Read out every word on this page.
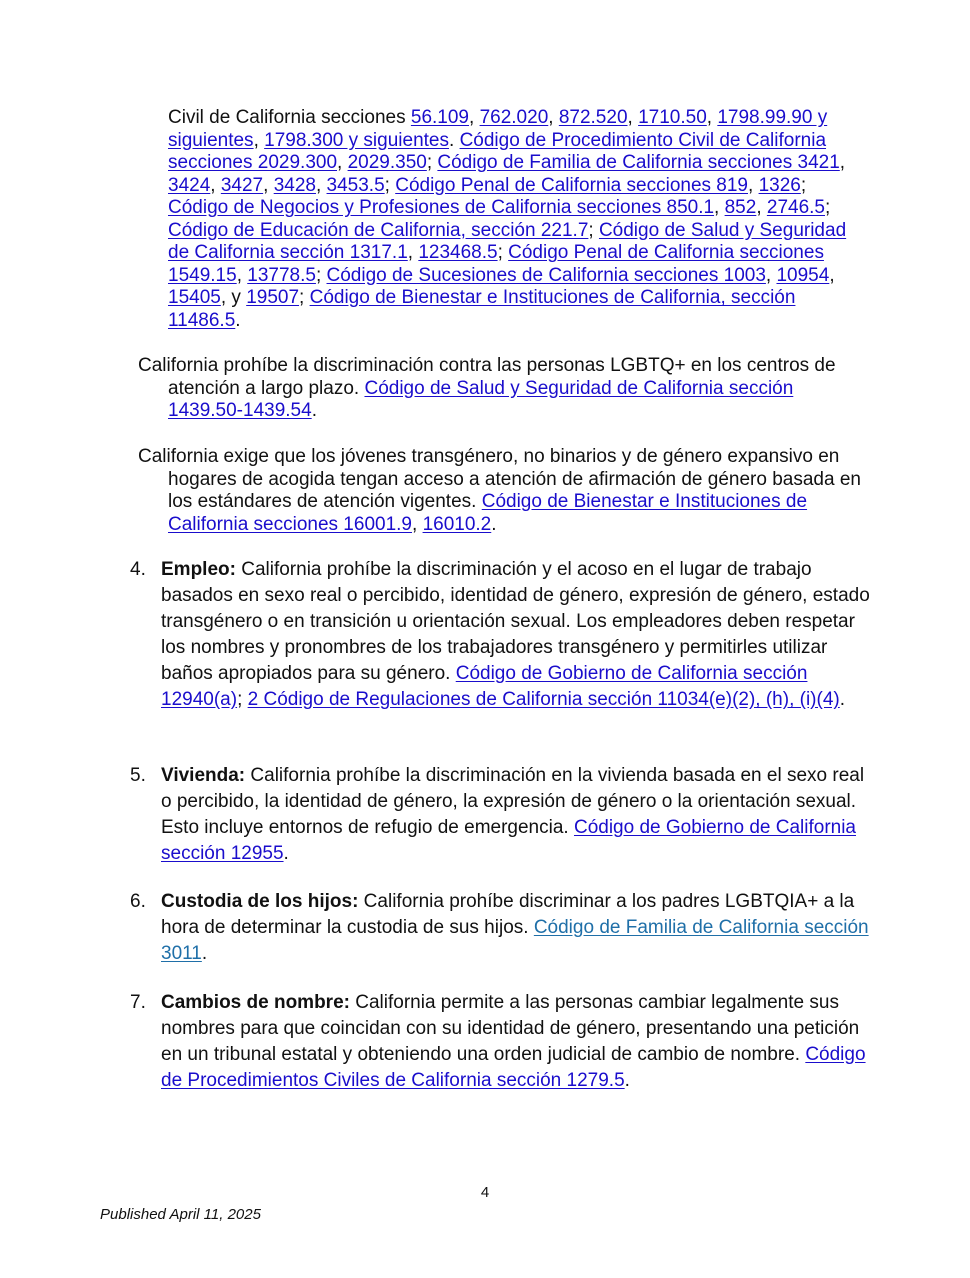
Civil de California secciones 56.109, 762.020, 872.520, 1710.50, 1798.99.90 y siguientes, 1798.300 y siguientes. Código de Procedimiento Civil de California secciones 2029.300, 2029.350; Código de Familia de California secciones 3421, 3424, 3427, 3428, 3453.5; Código Penal de California secciones 819, 1326; Código de Negocios y Profesiones de California secciones 850.1, 852, 2746.5; Código de Educación de California, sección 221.7; Código de Salud y Seguridad de California sección 1317.1, 123468.5; Código Penal de California secciones 1549.15, 13778.5; Código de Sucesiones de California secciones 1003, 10954, 15405, y 19507; Código de Bienestar e Instituciones de California, sección 11486.5.
California prohíbe la discriminación contra las personas LGBTQ+ en los centros de atención a largo plazo. Código de Salud y Seguridad de California sección 1439.50-1439.54.
California exige que los jóvenes transgénero, no binarios y de género expansivo en hogares de acogida tengan acceso a atención de afirmación de género basada en los estándares de atención vigentes. Código de Bienestar e Instituciones de California secciones 16001.9, 16010.2.
4. Empleo: California prohíbe la discriminación y el acoso en el lugar de trabajo basados en sexo real o percibido, identidad de género, expresión de género, estado transgénero o en transición u orientación sexual. Los empleadores deben respetar los nombres y pronombres de los trabajadores transgénero y permitirles utilizar baños apropiados para su género. Código de Gobierno de California sección 12940(a); 2 Código de Regulaciones de California sección 11034(e)(2), (h), (i)(4).
5. Vivienda: California prohíbe la discriminación en la vivienda basada en el sexo real o percibido, la identidad de género, la expresión de género o la orientación sexual. Esto incluye entornos de refugio de emergencia. Código de Gobierno de California sección 12955.
6. Custodia de los hijos: California prohíbe discriminar a los padres LGBTQIA+ a la hora de determinar la custodia de sus hijos. Código de Familia de California sección 3011.
7. Cambios de nombre: California permite a las personas cambiar legalmente sus nombres para que coincidan con su identidad de género, presentando una petición en un tribunal estatal y obteniendo una orden judicial de cambio de nombre. Código de Procedimientos Civiles de California sección 1279.5.
4
Published April 11, 2025
